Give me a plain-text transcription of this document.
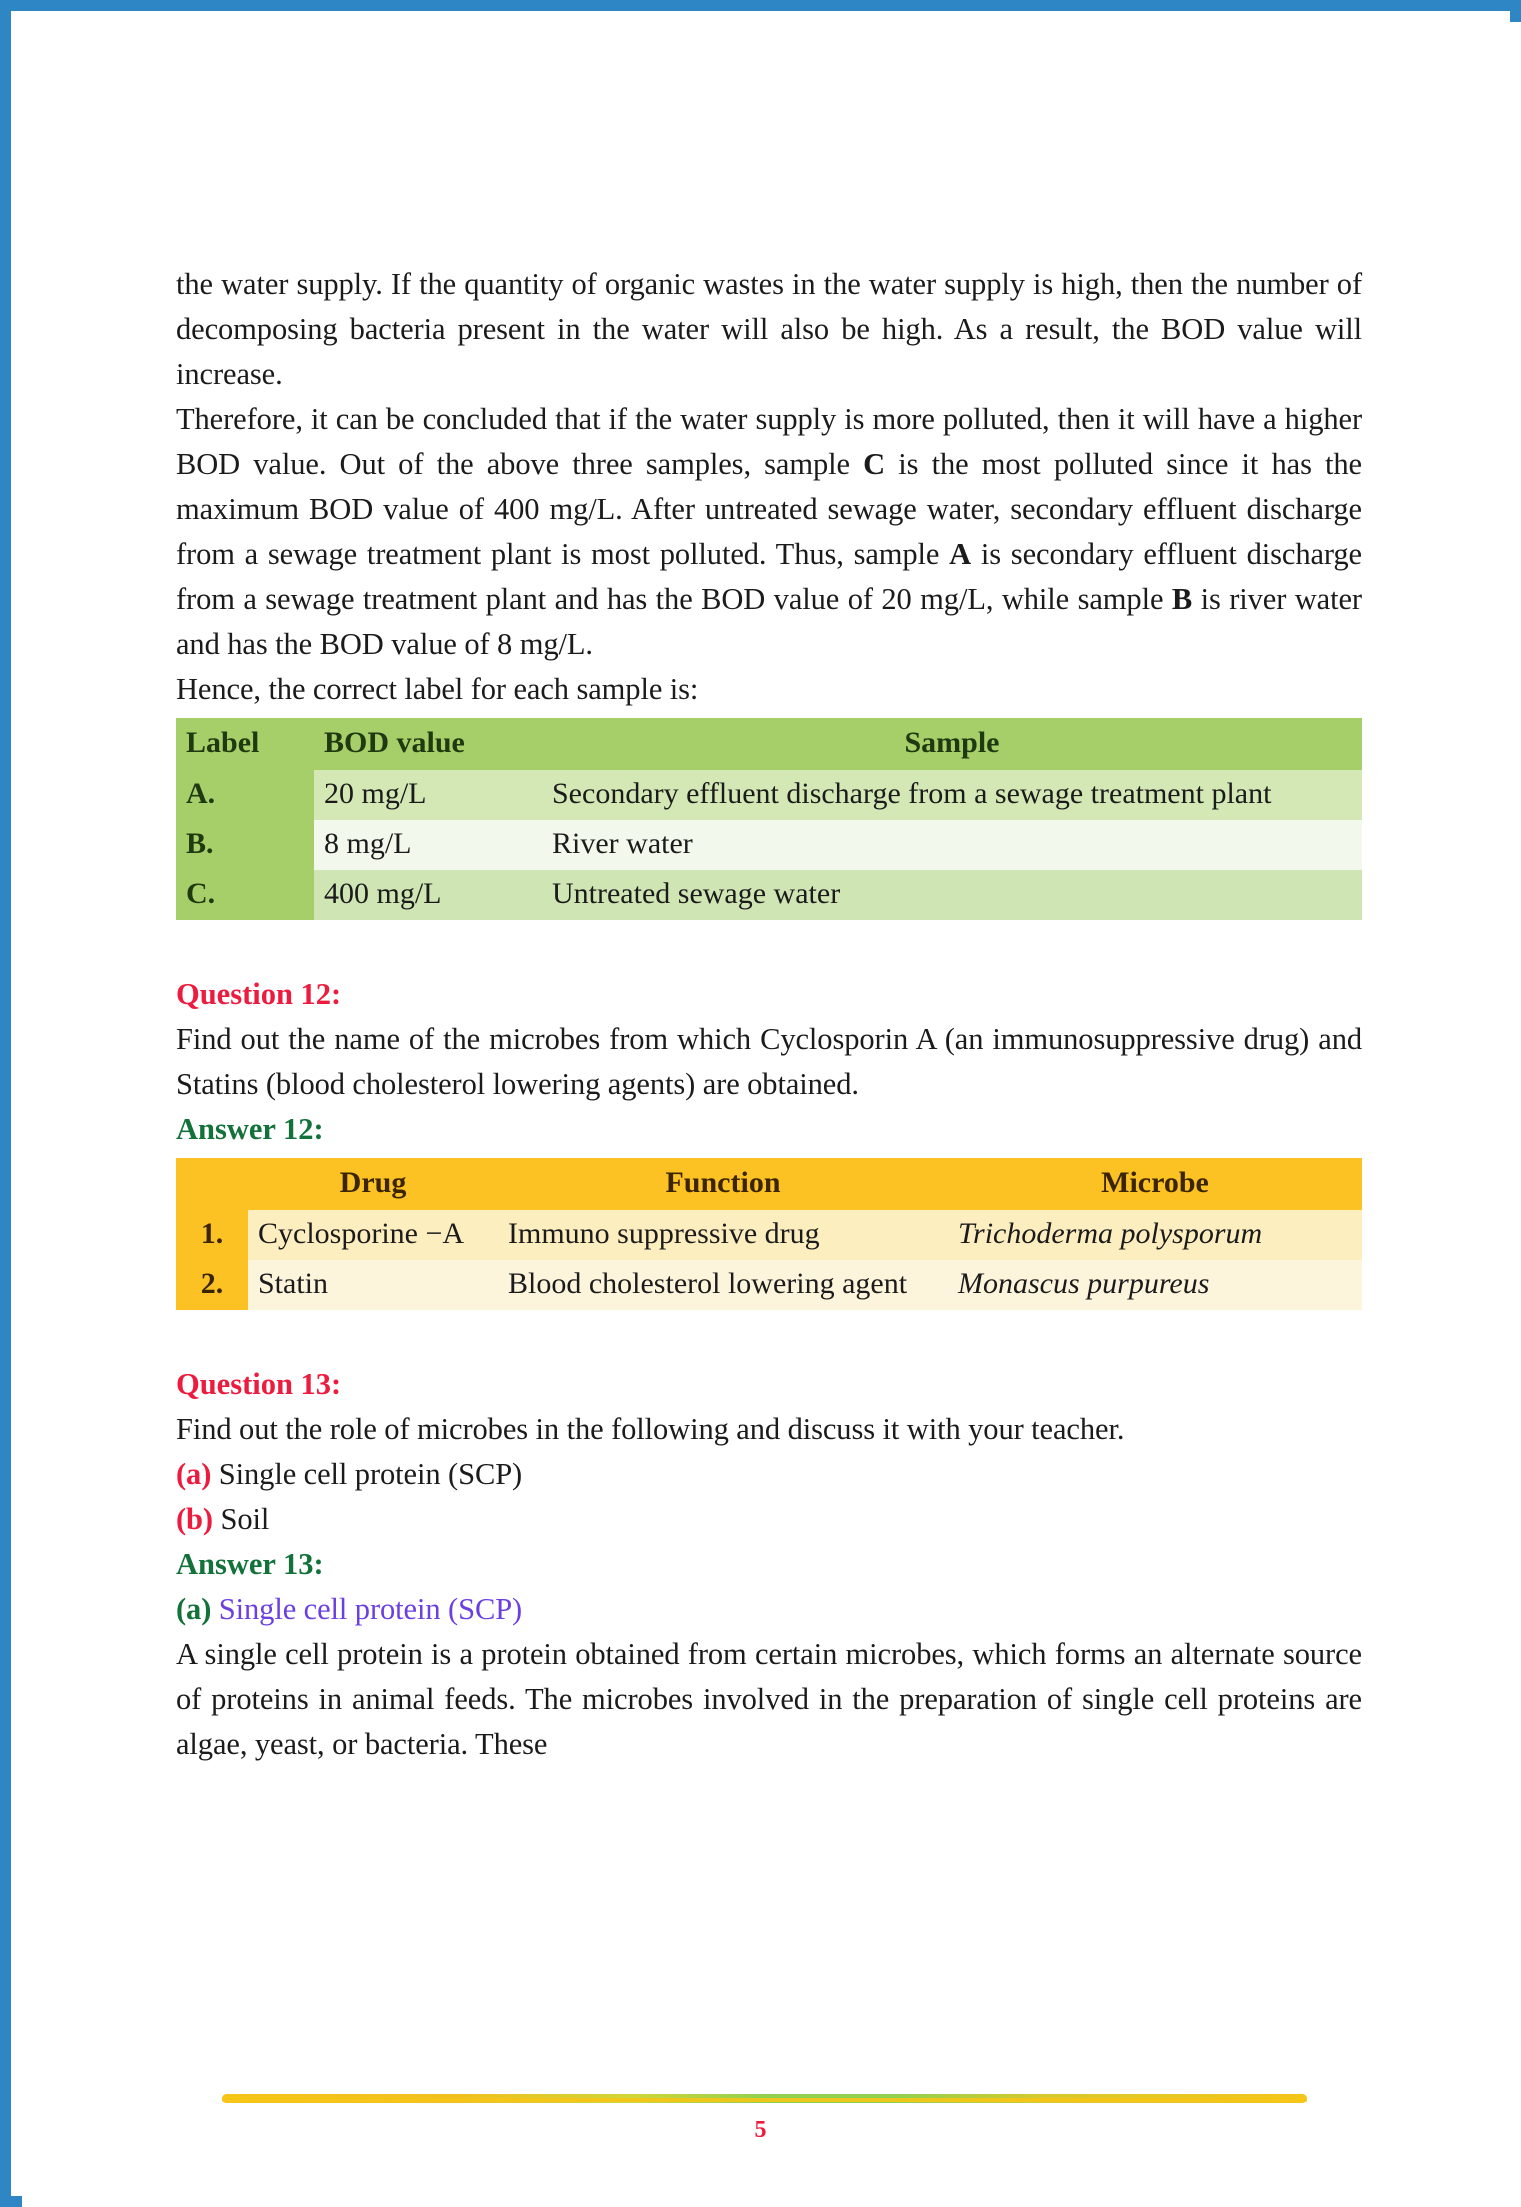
the water supply. If the quantity of organic wastes in the water supply is high, then the number of decomposing bacteria present in the water will also be high. As a result, the BOD value will increase.

Therefore, it can be concluded that if the water supply is more polluted, then it will have a higher BOD value. Out of the above three samples, sample C is the most polluted since it has the maximum BOD value of 400 mg/L. After untreated sewage water, secondary effluent discharge from a sewage treatment plant is most polluted. Thus, sample A is secondary effluent discharge from a sewage treatment plant and has the BOD value of 20 mg/L, while sample B is river water and has the BOD value of 8 mg/L.

Hence, the correct label for each sample is:

Label	BOD value	Sample
A.	20 mg/L	Secondary effluent discharge from a sewage treatment plant
B.	8 mg/L	River water
C.	400 mg/L	Untreated sewage water

Question 12:

Find out the name of the microbes from which Cyclosporin A (an immunosuppressive drug) and Statins (blood cholesterol lowering agents) are obtained.

Answer 12:

	Drug	Function	Microbe
1.	Cyclosporine −A	Immuno suppressive drug	Trichoderma polysporum
2.	Statin	Blood cholesterol lowering agent	Monascus purpureus

Question 13:

Find out the role of microbes in the following and discuss it with your teacher.

(a) Single cell protein (SCP)

(b) Soil

Answer 13:

(a) Single cell protein (SCP)

A single cell protein is a protein obtained from certain microbes, which forms an alternate source of proteins in animal feeds. The microbes involved in the preparation of single cell proteins are algae, yeast, or bacteria. These

5
